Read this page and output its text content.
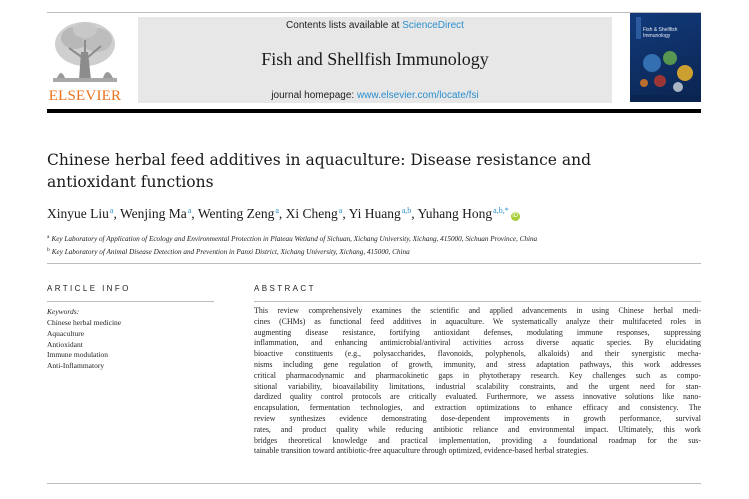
ELSEVIER
Contents lists available at ScienceDirect
Fish and Shellfish Immunology
journal homepage: www.elsevier.com/locate/fsi
Fish & Shellfish
Immunology
Chinese herbal feed additives in aquaculture: Disease resistance and antioxidant functions
Xinyue Liu$^a$, Wenjing Ma$^a$, Wenting Zeng$^a$, Xi Cheng$^a$, Yi Huang$^{a,b}$, Yuhang Hong$^{a,b,*}$iD
$^a$ Key Laboratory of Application of Ecology and Environmental Protection in Plateau Wetland of Sichuan, Xichang University, Xichang, 415000, Sichuan Province, China
$^b$ Key Laboratory of Animal Disease Detection and Prevention in Panxi District, Xichang University, Xichang, 415000, China
ARTICLE INFO
Keywords:
Chinese herbal medicine
Aquaculture
Antioxidant
Immune modulation
Anti-Inflammatory
ABSTRACT

This review comprehensively examines the scientific and applied advancements in using Chinese herbal medi-

cines (CHMs) as functional feed additives in aquaculture. We systematically analyze their multifaceted roles in

augmenting disease resistance, fortifying antioxidant defenses, modulating immune responses, suppressing

inflammation, and enhancing antimicrobial/antiviral activities across diverse aquatic species. By elucidating

bioactive constituents (e.g., polysaccharides, flavonoids, polyphenols, alkaloids) and their synergistic mecha-

nisms including gene regulation of growth, immunity, and stress adaptation pathways, this work addresses

critical pharmacodynamic and pharmacokinetic gaps in phytotherapy research. Key challenges such as compo-

sitional variability, bioavailability limitations, industrial scalability constraints, and the urgent need for stan-

dardized quality control protocols are critically evaluated. Furthermore, we assess innovative solutions like nano-

encapsulation, fermentation technologies, and extraction optimizations to enhance efficacy and consistency. The

review synthesizes evidence demonstrating dose-dependent improvements in growth performance, survival

rates, and product quality while reducing antibiotic reliance and environmental impact. Ultimately, this work

bridges theoretical knowledge and practical implementation, providing a foundational roadmap for the sus-

tainable transition toward antibiotic-free aquaculture through optimized, evidence-based herbal strategies.
